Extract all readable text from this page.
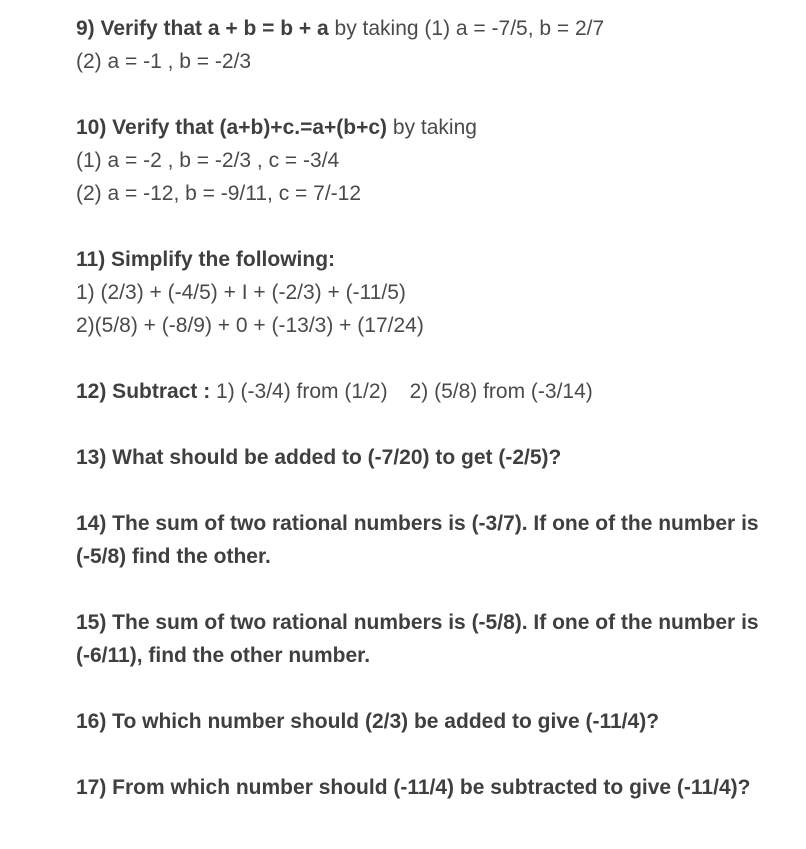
9) Verify that a + b = b + a by taking (1) a = -7/5, b = 2/7
(2) a = -1 , b = -2/3
10) Verify that (a+b)+c.=a+(b+c) by taking
(1) a = -2 , b = -2/3 , c = -3/4
(2) a = -12, b = -9/11, c = 7/-12
11) Simplify the following:
1) (2/3) + (-4/5) + I + (-2/3) + (-11/5)
2)(5/8) + (-8/9) + 0 + (-13/3) + (17/24)
12) Subtract : 1) (-3/4) from (1/2) 2) (5/8) from (-3/14)
13) What should be added to (-7/20) to get (-2/5)?
14) The sum of two rational numbers is (-3/7). If one of the number is (-5/8) find the other.
15) The sum of two rational numbers is (-5/8). If one of the number is (-6/11), find the other number.
16) To which number should (2/3) be added to give (-11/4)?
17) From which number should (-11/4) be subtracted to give (-11/4)?
